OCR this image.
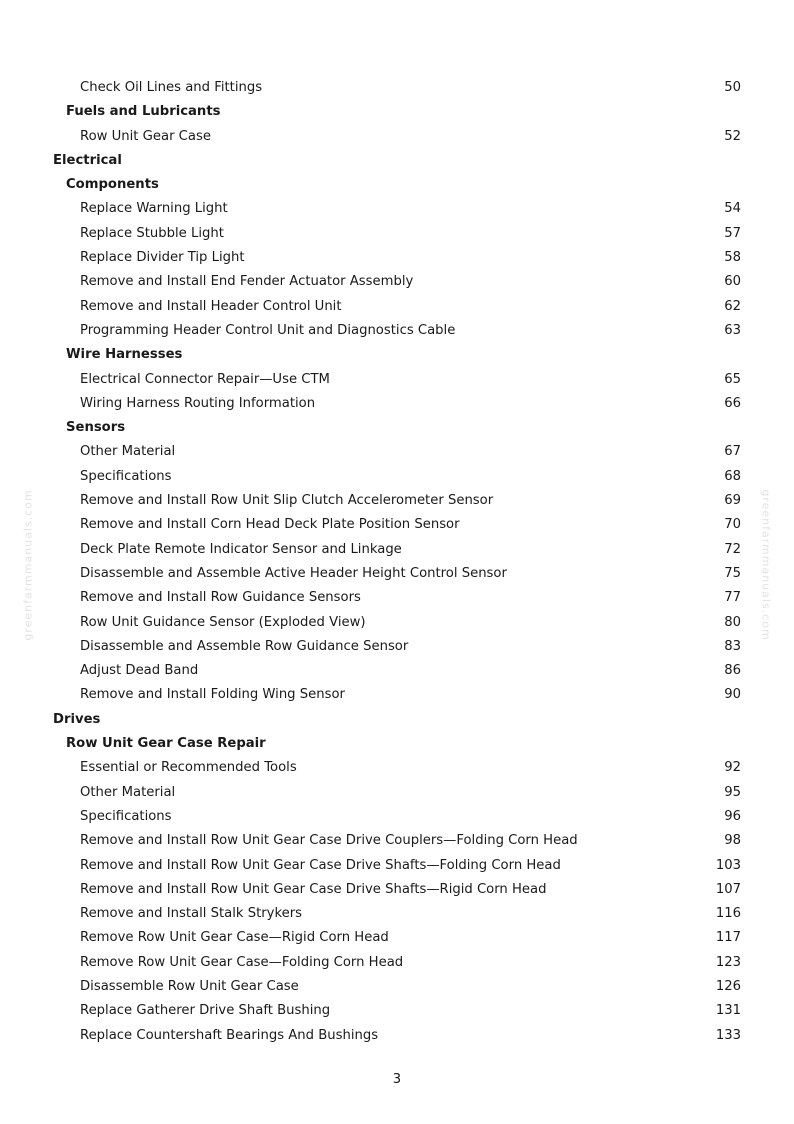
greenfarmmanuals.com	greenfarmmanuals.com
Check Oil Lines and Fittings	50
Fuels and Lubricants
Row Unit Gear Case	52
Electrical
Components
Replace Warning Light	54
Replace Stubble Light	57
Replace Divider Tip Light	58
Remove and Install End Fender Actuator Assembly	60
Remove and Install Header Control Unit	62
Programming Header Control Unit and Diagnostics Cable	63
Wire Harnesses
Electrical Connector Repair—Use CTM	65
Wiring Harness Routing Information	66
Sensors
Other Material	67
Specifications	68
Remove and Install Row Unit Slip Clutch Accelerometer Sensor	69
Remove and Install Corn Head Deck Plate Position Sensor	70
Deck Plate Remote Indicator Sensor and Linkage	72
Disassemble and Assemble Active Header Height Control Sensor	75
Remove and Install Row Guidance Sensors	77
Row Unit Guidance Sensor (Exploded View)	80
Disassemble and Assemble Row Guidance Sensor	83
Adjust Dead Band	86
Remove and Install Folding Wing Sensor	90
Drives
Row Unit Gear Case Repair
Essential or Recommended Tools	92
Other Material	95
Specifications	96
Remove and Install Row Unit Gear Case Drive Couplers—Folding Corn Head	98
Remove and Install Row Unit Gear Case Drive Shafts—Folding Corn Head	103
Remove and Install Row Unit Gear Case Drive Shafts—Rigid Corn Head	107
Remove and Install Stalk Strykers	116
Remove Row Unit Gear Case—Rigid Corn Head	117
Remove Row Unit Gear Case—Folding Corn Head	123
Disassemble Row Unit Gear Case	126
Replace Gatherer Drive Shaft Bushing	131
Replace Countershaft Bearings And Bushings	133
3
